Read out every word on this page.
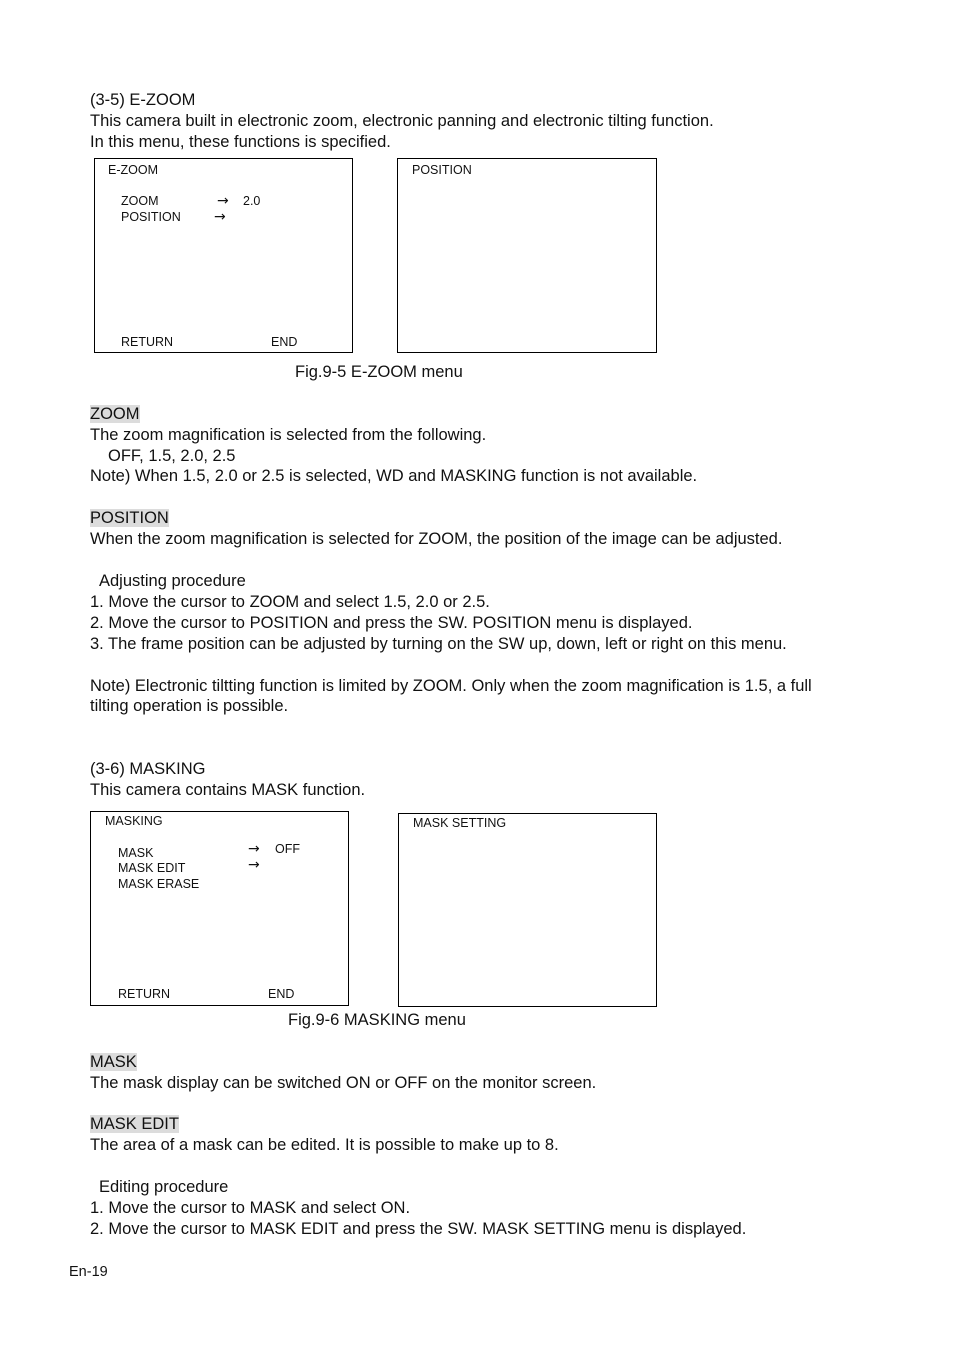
(3-5) E-ZOOM
This camera built in electronic zoom, electronic panning and electronic tilting function.
In this menu, these functions is specified.
E-ZOOM
ZOOM	→ 2.0
POSITION →
RETURN	END
POSITION
Fig.9-5 E-ZOOM menu
ZOOM
The zoom magnification is selected from the following.
OFF, 1.5, 2.0, 2.5
Note) When 1.5, 2.0 or 2.5 is selected, WD and MASKING function is not available.
POSITION
When the zoom magnification is selected for ZOOM, the position of the image can be adjusted.
Adjusting procedure
1. Move the cursor to ZOOM and select 1.5, 2.0 or 2.5.
2. Move the cursor to POSITION and press the SW. POSITION menu is displayed.
3. The frame position can be adjusted by turning on the SW up, down, left or right on this menu.
Note) Electronic tiltting function is limited by ZOOM. Only when the zoom magnification is 1.5, a full
tilting operation is possible.
(3-6) MASKING
This camera contains MASK function.
MASKING
MASK	→ OFF
MASK EDIT	→
MASK ERASE
RETURN	END
MASK SETTING
Fig.9-6 MASKING menu
MASK
The mask display can be switched ON or OFF on the monitor screen.
MASK EDIT
The area of a mask can be edited. It is possible to make up to 8.
Editing procedure
1. Move the cursor to MASK and select ON.
2. Move the cursor to MASK EDIT and press the SW. MASK SETTING menu is displayed.
En-19
